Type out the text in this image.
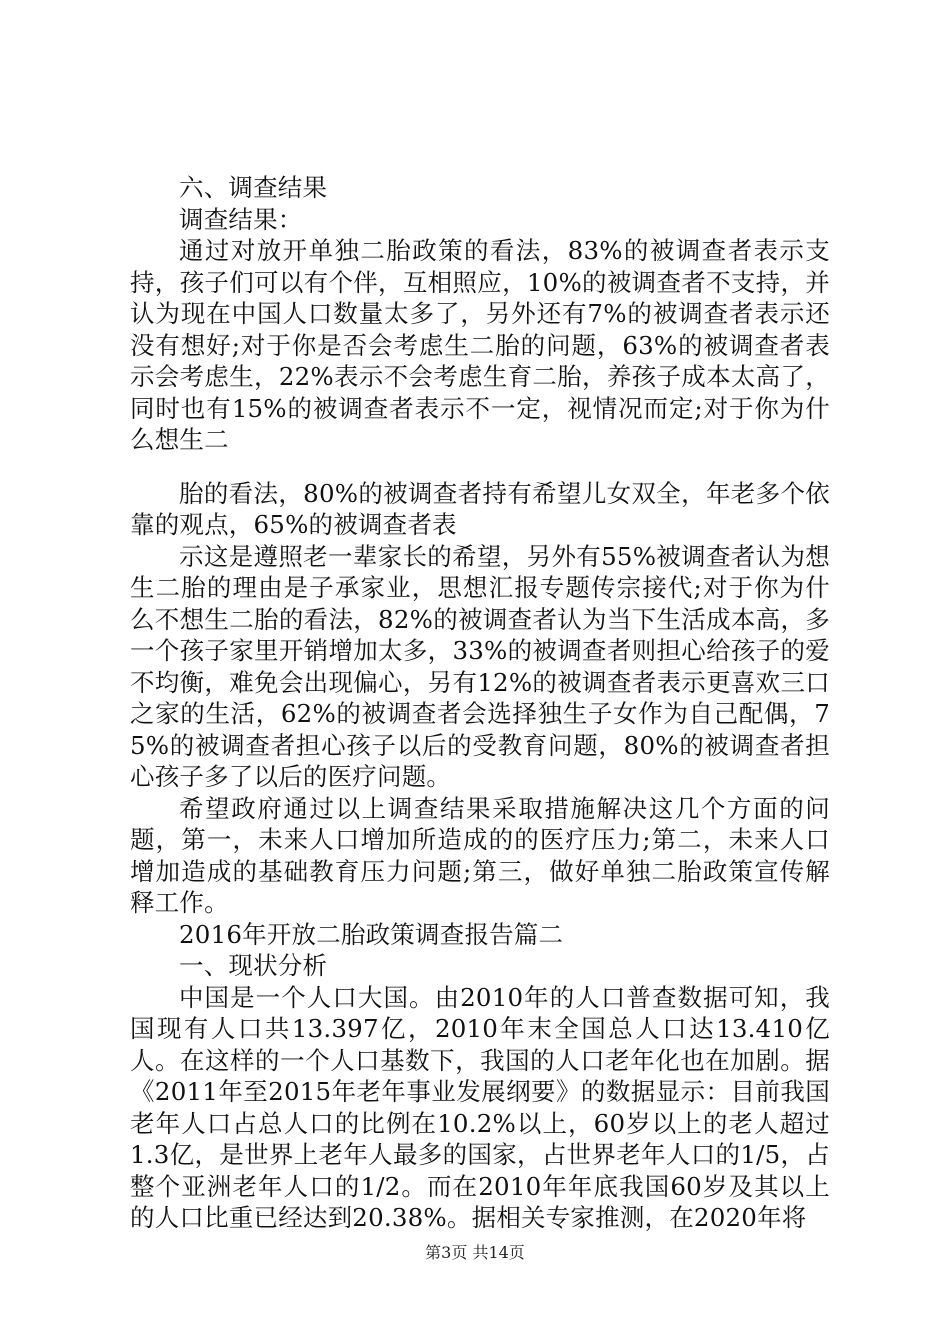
六、调查结果

调查结果：

通过对放开单独二胎政策的看法，83%的被调查者表示支持，孩子们可以有个伴，互相照应，10%的被调查者不支持，并认为现在中国人口数量太多了，另外还有7%的被调查者表示还没有想好;对于你是否会考虑生二胎的问题，63%的被调查者表示会考虑生，22%表示不会考虑生育二胎，养孩子成本太高了，同时也有15%的被调查者表示不一定，视情况而定;对于你为什么想生二

胎的看法，80%的被调查者持有希望儿女双全，年老多个依靠的观点，65%的被调查者表

示这是遵照老一辈家长的希望，另外有55%被调查者认为想生二胎的理由是子承家业，思想汇报专题传宗接代;对于你为什么不想生二胎的看法，82%的被调查者认为当下生活成本高，多一个孩子家里开销增加太多，33%的被调查者则担心给孩子的爱不均衡，难免会出现偏心，另有12%的被调查者表示更喜欢三口之家的生活，62%的被调查者会选择独生子女作为自己配偶，75%的被调查者担心孩子以后的受教育问题，80%的被调查者担心孩子多了以后的医疗问题。

希望政府通过以上调查结果采取措施解决这几个方面的问题，第一，未来人口增加所造成的的医疗压力;第二，未来人口增加造成的基础教育压力问题;第三，做好单独二胎政策宣传解释工作。

2016年开放二胎政策调查报告篇二

一、现状分析

中国是一个人口大国。由2010年的人口普查数据可知，我国现有人口共13.397亿，2010年末全国总人口达13.410亿人。在这样的一个人口基数下，我国的人口老年化也在加剧。据《2011年至2015年老年事业发展纲要》的数据显示：目前我国老年人口占总人口的比例在10.2%以上，60岁以上的老人超过1.3亿，是世界上老年人最多的国家，占世界老年人口的1/5，占整个亚洲老年人口的1/2。而在2010年年底我国60岁及其以上的人口比重已经达到20.38%。据相关专家推测，在2020年将

第3页 共14页
